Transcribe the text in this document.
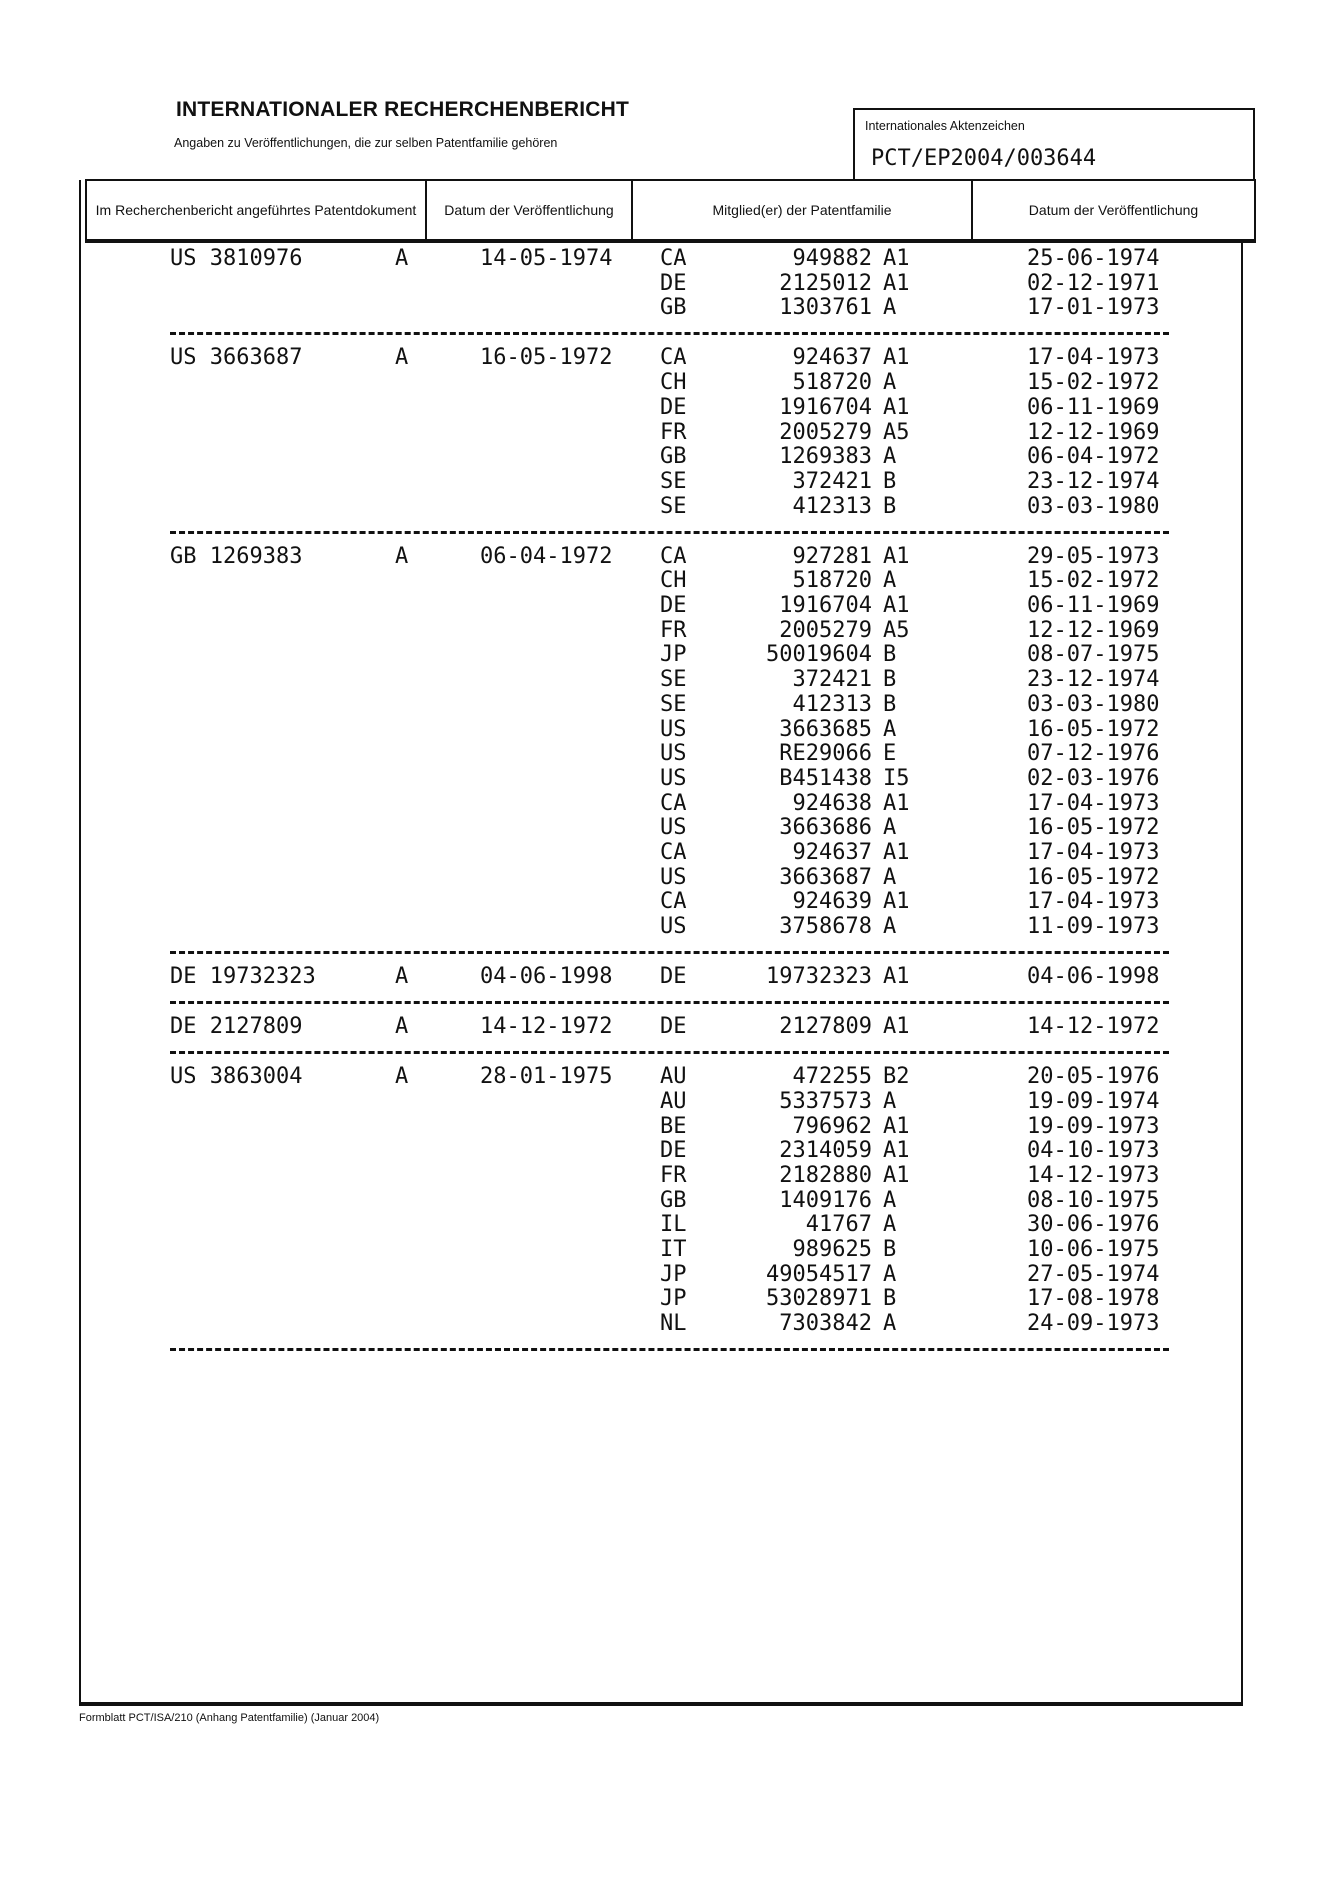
INTERNATIONALER RECHERCHENBERICHT
Angaben zu Veröffentlichungen, die zur selben Patentfamilie gehören
Internationales Aktenzeichen
PCT/EP2004/003644
Im Recherchenbericht angeführtes Patentdokument	Datum der Veröffentlichung	Mitglied(er) der Patentfamilie	Datum der Veröffentlichung
US 3810976	A	14-05-1974 CA	949882 A1	25-06-1974
DE	2125012 A1	02-12-1971
GB	1303761 A	17-01-1973
US 3663687	A	16-05-1972 CA	924637 A1	17-04-1973
CH	518720 A	15-02-1972
DE	1916704 A1	06-11-1969
FR	2005279 A5	12-12-1969
GB	1269383 A	06-04-1972
SE	372421 B	23-12-1974
SE	412313 B	03-03-1980
GB 1269383	A	06-04-1972 CA	927281 A1	29-05-1973
CH	518720 A	15-02-1972
DE	1916704 A1	06-11-1969
FR	2005279 A5	12-12-1969
JP	50019604 B	08-07-1975
SE	372421 B	23-12-1974
SE	412313 B	03-03-1980
US	3663685 A	16-05-1972
US	RE29066 E	07-12-1976
US	B451438 I5	02-03-1976
CA	924638 A1	17-04-1973
US	3663686 A	16-05-1972
CA	924637 A1	17-04-1973
US	3663687 A	16-05-1972
CA	924639 A1	17-04-1973
US	3758678 A	11-09-1973
DE 19732323	A	04-06-1998 DE	19732323 A1	04-06-1998
DE 2127809	A	14-12-1972 DE	2127809 A1	14-12-1972
US 3863004	A	28-01-1975 AU	472255 B2	20-05-1976
AU	5337573 A	19-09-1974
BE	796962 A1	19-09-1973
DE	2314059 A1	04-10-1973
FR	2182880 A1	14-12-1973
GB	1409176 A	08-10-1975
IL	41767 A	30-06-1976
IT	989625 B	10-06-1975
JP	49054517 A	27-05-1974
JP	53028971 B	17-08-1978
NL	7303842 A	24-09-1973
Formblatt PCT/ISA/210 (Anhang Patentfamilie) (Januar 2004)
